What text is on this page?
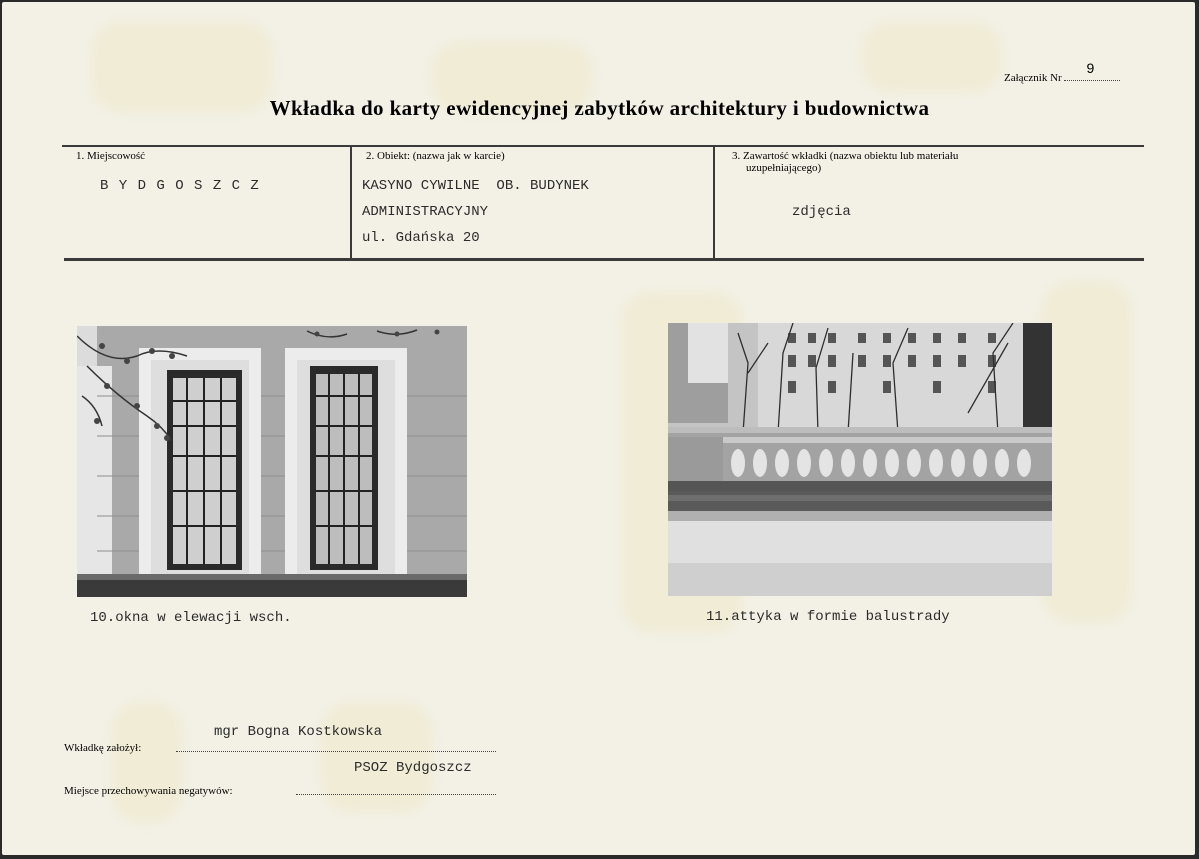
Załącznik Nr
9
Wkładka do karty ewidencyjnej zabytków architektury i budownictwa
1. Miejscowość
B Y D G O S Z C Z
2. Obiekt: (nazwa jak w karcie)
KASYNO CYWILNE  OB. BUDYNEK
ADMINISTRACYJNY
ul. Gdańska 20
3. Zawartość wkładki (nazwa obiektu lub materiału
uzupełniającego)
zdjęcia
10.okna w elewacji wsch.	11.attyka w formie balustrady
mgr Bogna Kostkowska
Wkładkę założył:
PSOZ Bydgoszcz
Miejsce przechowywania negatywów:
